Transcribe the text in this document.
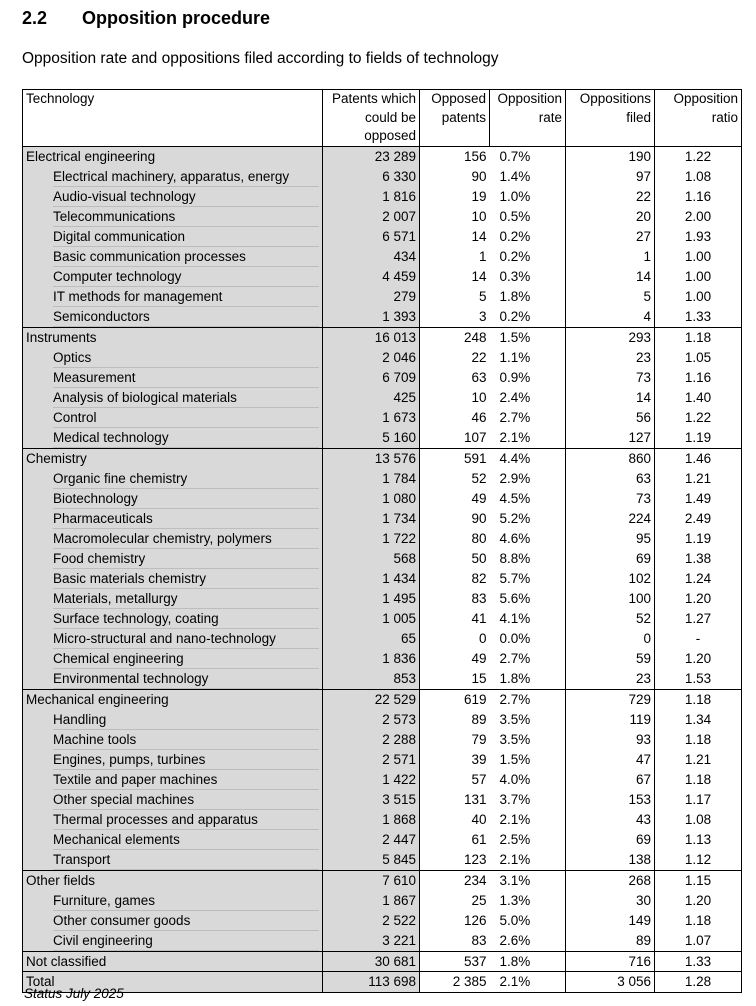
2.2 Opposition procedure
Opposition rate and oppositions filed according to fields of technology
Technology	Patents which could be opposed	Opposed patents	Opposition rate	Oppositions filed	Opposition ratio
Electrical engineering	23 289	156	0.7%	190	1.22

Electrical machinery, apparatus, energy	6 330	90	1.4%	97	1.08

Audio-visual technology	1 816	19	1.0%	22	1.16

Telecommunications	2 007	10	0.5%	20	2.00

Digital communication	6 571	14	0.2%	27	1.93

Basic communication processes	434	1	0.2%	1	1.00

Computer technology	4 459	14	0.3%	14	1.00

IT methods for management	279	5	1.8%	5	1.00

Semiconductors	1 393	3	0.2%	4	1.33
Instruments	16 013	248	1.5%	293	1.18

Optics	2 046	22	1.1%	23	1.05

Measurement	6 709	63	0.9%	73	1.16

Analysis of biological materials	425	10	2.4%	14	1.40

Control	1 673	46	2.7%	56	1.22

Medical technology	5 160	107	2.1%	127	1.19
Chemistry	13 576	591	4.4%	860	1.46

Organic fine chemistry	1 784	52	2.9%	63	1.21

Biotechnology	1 080	49	4.5%	73	1.49

Pharmaceuticals	1 734	90	5.2%	224	2.49

Macromolecular chemistry, polymers	1 722	80	4.6%	95	1.19

Food chemistry	568	50	8.8%	69	1.38

Basic materials chemistry	1 434	82	5.7%	102	1.24

Materials, metallurgy	1 495	83	5.6%	100	1.20

Surface technology, coating	1 005	41	4.1%	52	1.27

Micro-structural and nano-technology	65	0	0.0%	0	-

Chemical engineering	1 836	49	2.7%	59	1.20

Environmental technology	853	15	1.8%	23	1.53
Mechanical engineering	22 529	619	2.7%	729	1.18

Handling	2 573	89	3.5%	119	1.34

Machine tools	2 288	79	3.5%	93	1.18

Engines, pumps, turbines	2 571	39	1.5%	47	1.21

Textile and paper machines	1 422	57	4.0%	67	1.18

Other special machines	3 515	131	3.7%	153	1.17

Thermal processes and apparatus	1 868	40	2.1%	43	1.08

Mechanical elements	2 447	61	2.5%	69	1.13

Transport	5 845	123	2.1%	138	1.12
Other fields	7 610	234	3.1%	268	1.15

Furniture, games	1 867	25	1.3%	30	1.20

Other consumer goods	2 522	126	5.0%	149	1.18

Civil engineering	3 221	83	2.6%	89	1.07
Not classified	30 681	537	1.8%	716	1.33
Total	113 698	2 385	2.1%	3 056	1.28
Status July 2025
